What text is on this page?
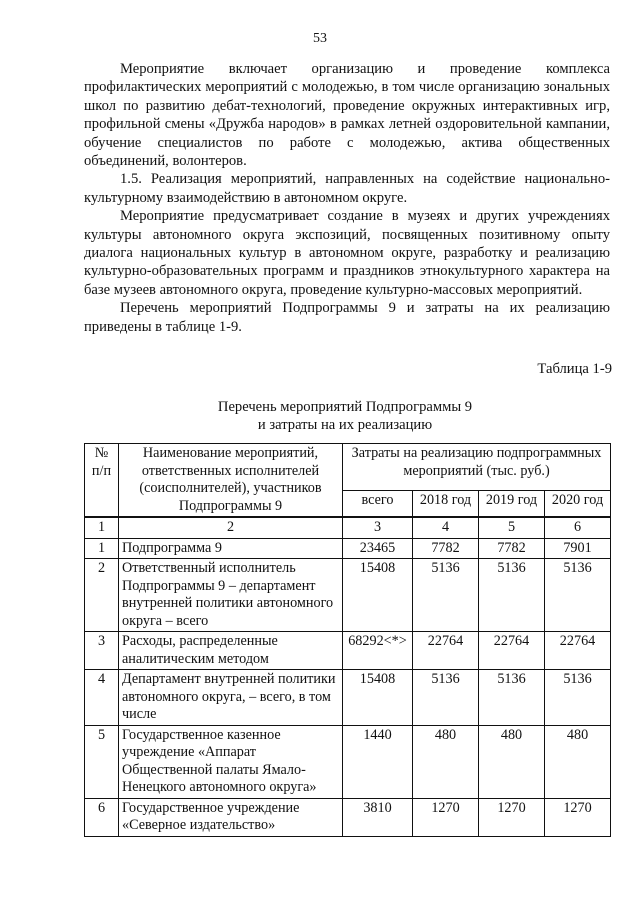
53

Мероприятие включает организацию и проведение комплекса профилактических мероприятий с молодежью, в том числе организацию зональных школ по развитию дебат-технологий, проведение окружных интерактивных игр, профильной смены «Дружба народов» в рамках летней оздоровительной кампании, обучение специалистов по работе с молодежью, актива общественных объединений, волонтеров.

1.5. Реализация мероприятий, направленных на содействие национально-культурному взаимодействию в автономном округе.

Мероприятие предусматривает создание в музеях и других учреждениях культуры автономного округа экспозиций, посвященных позитивному опыту диалога национальных культур в автономном округе, разработку и реализацию культурно-образовательных программ и праздников этнокультурного характера на базе музеев автономного округа, проведение культурно-массовых мероприятий.

Перечень мероприятий Подпрограммы 9 и затраты на их реализацию приведены в таблице 1-9.

Таблица 1-9
Перечень мероприятий Подпрограммы 9
и затраты на их реализацию
№ п/п	Наименование мероприятий, ответственных исполнителей (соисполнителей), участников Подпрограммы 9	Затраты на реализацию подпрограммных мероприятий (тыс. руб.)			
		всего	2018 год	2019 год	2020 год
1	2	3	4	5	6
1	Подпрограмма 9	23465	7782	7782	7901
2	Ответственный исполнитель Подпрограммы 9 – департамент внутренней политики автономного округа – всего	15408	5136	5136	5136
3	Расходы, распределенные аналитическим методом	68292<*>	22764	22764	22764
4	Департамент внутренней политики автономного округа, – всего, в том числе	15408	5136	5136	5136
5	Государственное казенное учреждение «Аппарат Общественной палаты Ямало-Ненецкого автономного округа»	1440	480	480	480
6	Государственное учреждение «Северное издательство»	3810	1270	1270	1270
